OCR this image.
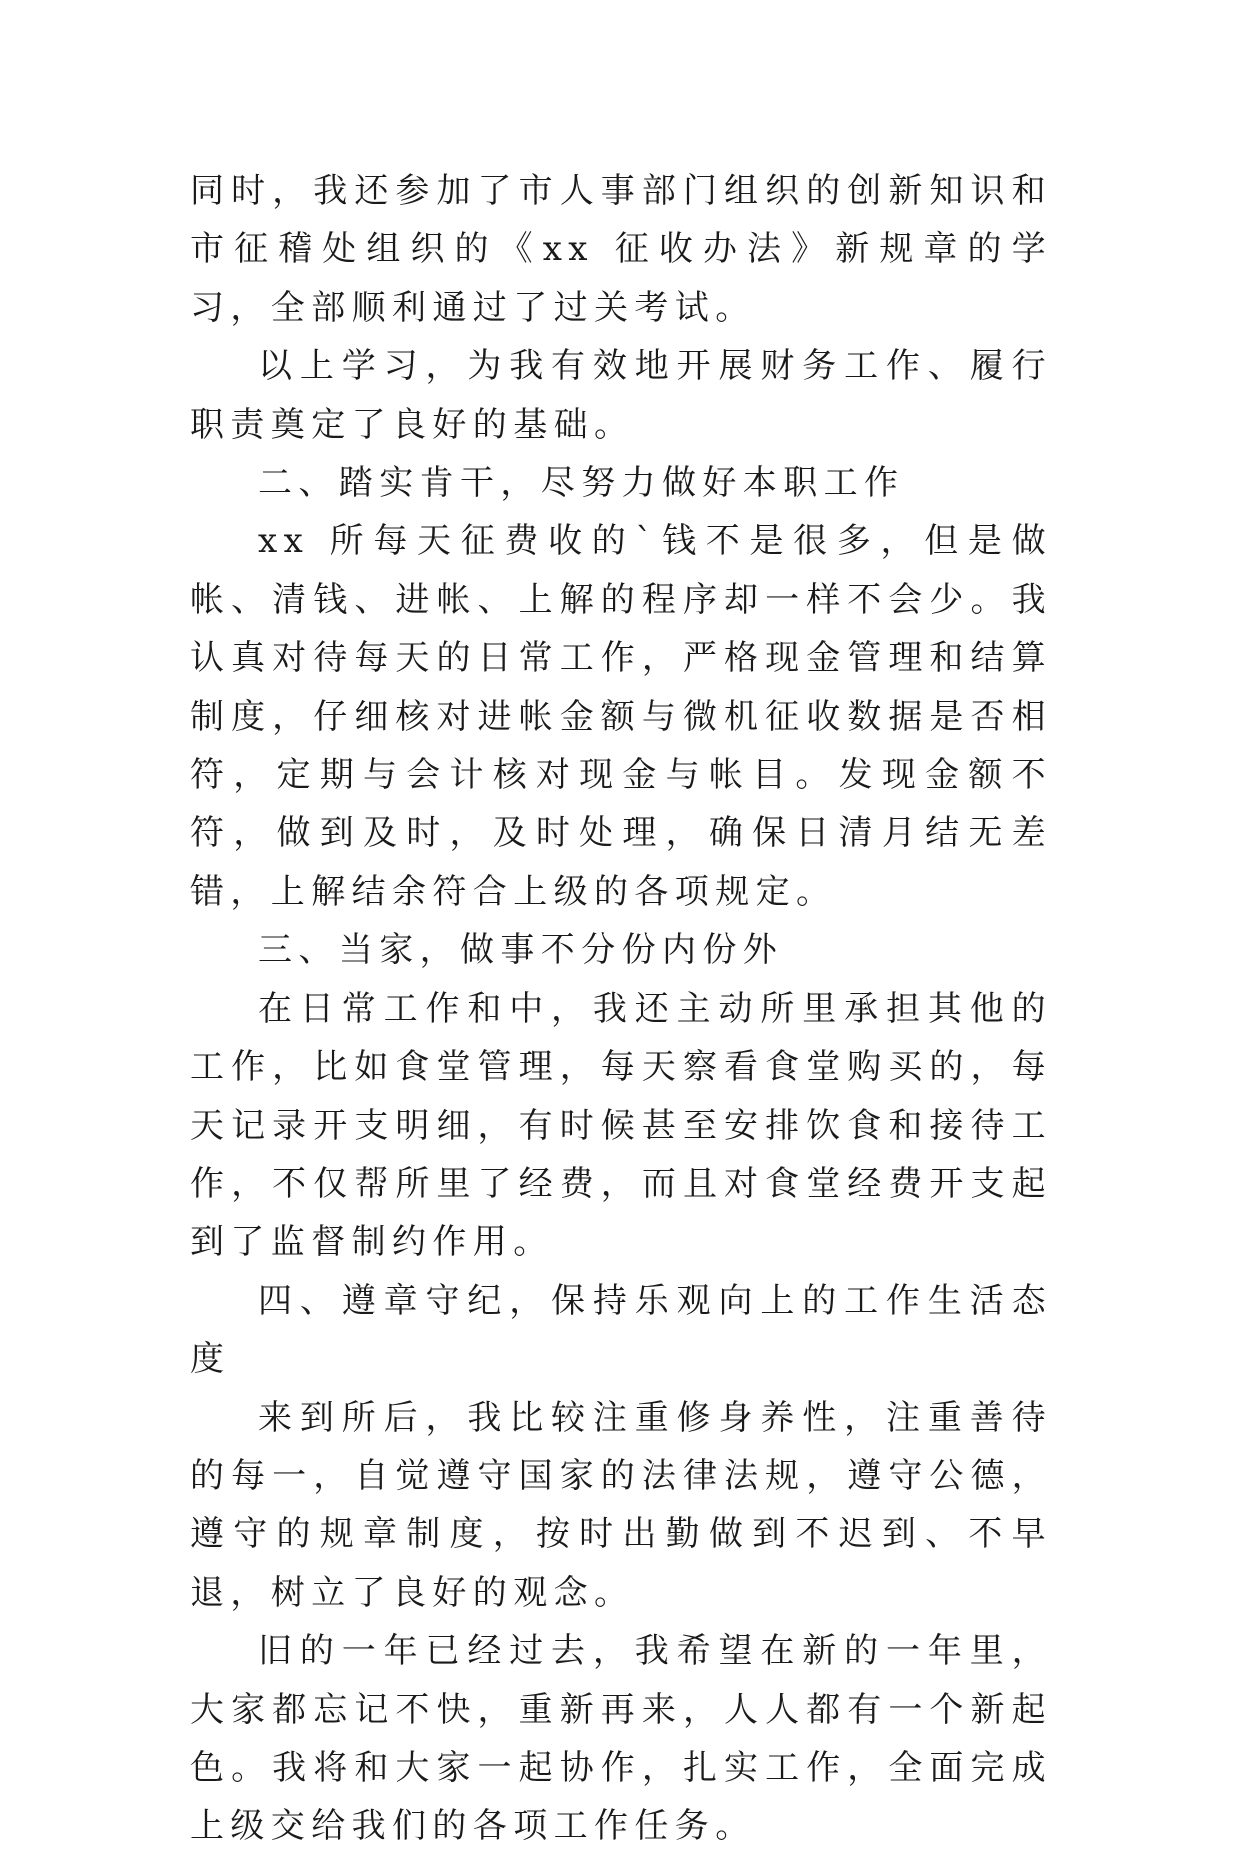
同时，我还参加了市人事部门组织的创新知识和市征稽处组织的《xx 征收办法》新规章的学习，全部顺利通过了过关考试。

以上学习，为我有效地开展财务工作、履行职责奠定了良好的基础。

二、踏实肯干，尽努力做好本职工作

xx 所每天征费收的`钱不是很多，但是做帐、清钱、进帐、上解的程序却一样不会少。我认真对待每天的日常工作，严格现金管理和结算制度，仔细核对进帐金额与微机征收数据是否相符，定期与会计核对现金与帐目。发现金额不符，做到及时，及时处理，确保日清月结无差错，上解结余符合上级的各项规定。

三、当家，做事不分份内份外

在日常工作和中，我还主动所里承担其他的工作，比如食堂管理，每天察看食堂购买的，每天记录开支明细，有时候甚至安排饮食和接待工作，不仅帮所里了经费，而且对食堂经费开支起到了监督制约作用。

四、遵章守纪，保持乐观向上的工作生活态度

来到所后，我比较注重修身养性，注重善待的每一，自觉遵守国家的法律法规，遵守公德，遵守的规章制度，按时出勤做到不迟到、不早退，树立了良好的观念。

旧的一年已经过去，我希望在新的一年里，大家都忘记不快，重新再来，人人都有一个新起色。我将和大家一起协作，扎实工作，全面完成上级交给我们的各项工作任务。
